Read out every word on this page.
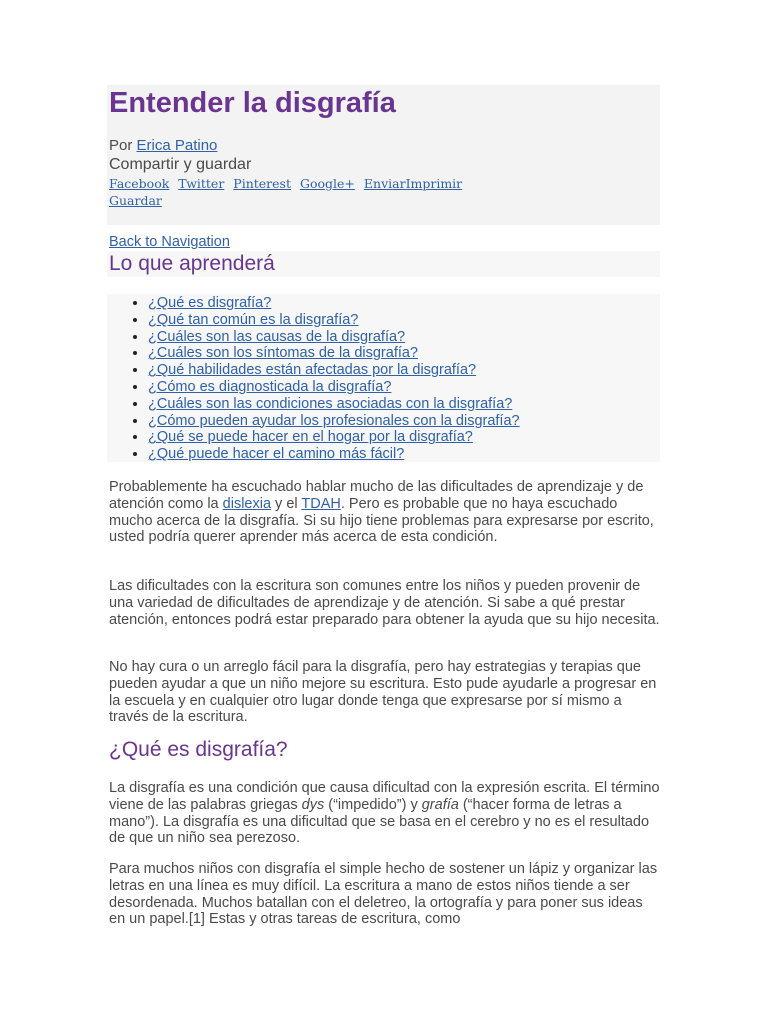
Entender la disgrafía
Por Erica Patino
Compartir y guardar
Facebook Twitter Pinterest Google+ EnviarImprimir Guardar
Back to Navigation
Lo que aprenderá
• ¿Qué es disgrafía?
• ¿Qué tan común es la disgrafía?
• ¿Cuáles son las causas de la disgrafía?
• ¿Cuáles son los síntomas de la disgrafía?
• ¿Qué habilidades están afectadas por la disgrafía?
• ¿Cómo es diagnosticada la disgrafía?
• ¿Cuáles son las condiciones asociadas con la disgrafía?
• ¿Cómo pueden ayudar los profesionales con la disgrafía?
• ¿Qué se puede hacer en el hogar por la disgrafía?
• ¿Qué puede hacer el camino más fácil?

Probablemente ha escuchado hablar mucho de las dificultades de aprendizaje y de atención como la dislexia y el TDAH. Pero es probable que no haya escuchado mucho acerca de la disgrafía. Si su hijo tiene problemas para expresarse por escrito, usted podría querer aprender más acerca de esta condición.

Las dificultades con la escritura son comunes entre los niños y pueden provenir de una variedad de dificultades de aprendizaje y de atención. Si sabe a qué prestar atención, entonces podrá estar preparado para obtener la ayuda que su hijo necesita.

No hay cura o un arreglo fácil para la disgrafía, pero hay estrategias y terapias que pueden ayudar a que un niño mejore su escritura. Esto pude ayudarle a progresar en la escuela y en cualquier otro lugar donde tenga que expresarse por sí mismo a través de la escritura.

¿Qué es disgrafía?

La disgrafía es una condición que causa dificultad con la expresión escrita. El término viene de las palabras griegas dys (“impedido”) y grafía (“hacer forma de letras a mano”). La disgrafía es una dificultad que se basa en el cerebro y no es el resultado de que un niño sea perezoso.

Para muchos niños con disgrafía el simple hecho de sostener un lápiz y organizar las letras en una línea es muy difícil. La escritura a mano de estos niños tiende a ser desordenada. Muchos batallan con el deletreo, la ortografía y para poner sus ideas en un papel.[1] Estas y otras tareas de escritura, como
